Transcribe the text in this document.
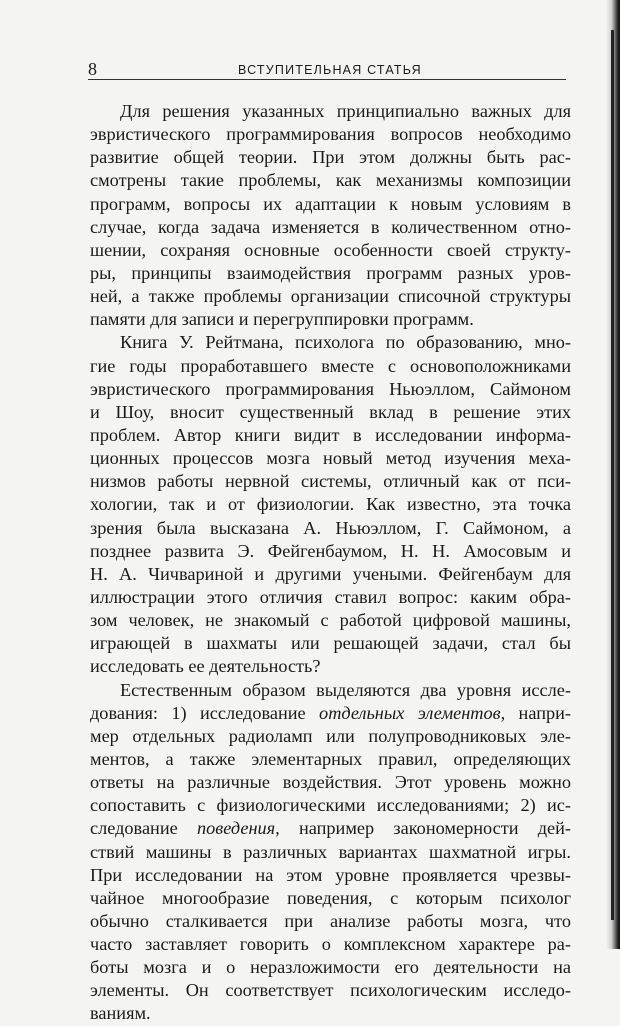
8	ВСТУПИТЕЛЬНАЯ СТАТЬЯ
Для решения указанных принципиально важных для
эвристического программирования вопросов необходимо
развитие общей теории. При этом должны быть рас-
смотрены такие проблемы, как механизмы композиции
программ, вопросы их адаптации к новым условиям в
случае, когда задача изменяется в количественном отно-
шении, сохраняя основные особенности своей структу-
ры, принципы взаимодействия программ разных уров-
ней, а также проблемы организации списочной структуры
памяти для записи и перегруппировки программ.
Книга У. Рейтмана, психолога по образованию, мно-
гие годы проработавшего вместе с основоположниками
эвристического программирования Ньюэллом, Саймоном
и Шоу, вносит существенный вклад в решение этих
проблем. Автор книги видит в исследовании информа-
ционных процессов мозга новый метод изучения меха-
низмов работы нервной системы, отличный как от пси-
хологии, так и от физиологии. Как известно, эта точка
зрения была высказана А. Ньюэллом, Г. Саймоном, а
позднее развита Э. Фейгенбаумом, Н. Н. Амосовым и
Н. А. Чичвариной и другими учеными. Фейгенбаум для
иллюстрации этого отличия ставил вопрос: каким обра-
зом человек, не знакомый с работой цифровой машины,
играющей в шахматы или решающей задачи, стал бы
исследовать ее деятельность?
Естественным образом выделяются два уровня иссле-
дования: 1) исследование отдельных элементов, напри-
мер отдельных радиоламп или полупроводниковых эле-
ментов, а также элементарных правил, определяющих
ответы на различные воздействия. Этот уровень можно
сопоставить с физиологическими исследованиями; 2) ис-
следование поведения, например закономерности дей-
ствий машины в различных вариантах шахматной игры.
При исследовании на этом уровне проявляется чрезвы-
чайное многообразие поведения, с которым психолог
обычно сталкивается при анализе работы мозга, что
часто заставляет говорить о комплексном характере ра-
боты мозга и о неразложимости его деятельности на
элементы. Он соответствует психологическим исследо-
ваниям.
